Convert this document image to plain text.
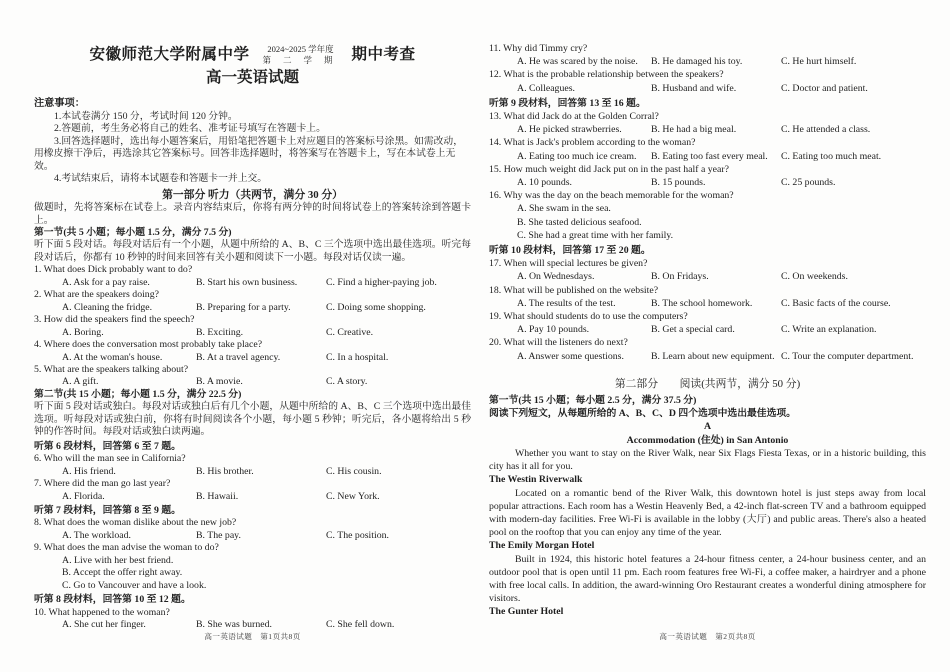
安徽师范大学附属中学	2024~2025 学年度
第二学期 期中考查
高一英语试题
注意事项：
1.本试卷满分 150 分，考试时间 120 分钟。
2.答题前，考生务必将自己的姓名、准考证号填写在答题卡上。
3.回答选择题时，选出每小题答案后，用铅笔把答题卡上对应题目的答案标号涂黑。如需改动，用橡皮擦干净后，再选涂其它答案标号。回答非选择题时，将答案写在答题卡上，写在本试卷上无效。
4.考试结束后，请将本试题卷和答题卡一并上交。
第一部分 听力（共两节，满分 30 分）
做题时，先将答案标在试卷上。录音内容结束后，你将有两分钟的时间将试卷上的答案转涂到答题卡上。
第一节(共 5 小题；每小题 1.5 分，满分 7.5 分)
听下面 5 段对话。每段对话后有一个小题，从题中所给的 A、B、C 三个选项中选出最佳选项。听完每段对话后，你都有 10 秒钟的时间来回答有关小题和阅读下一小题。每段对话仅读一遍。
1. What does Dick probably want to do?
A. Ask for a pay raise.	B. Start his own business.	C. Find a higher-paying job.
2. What are the speakers doing?
A. Cleaning the fridge.	B. Preparing for a party.	C. Doing some shopping.
3. How did the speakers find the speech?
A. Boring.	B. Exciting.	C. Creative.
4. Where does the conversation most probably take place?
A. At the woman's house.	B. At a travel agency.	C. In a hospital.
5. What are the speakers talking about?
A. A gift.	B. A movie.	C. A story.
第二节(共 15 小题；每小题 1.5 分，满分 22.5 分)
听下面 5 段对话或独白。每段对话或独白后有几个小题，从题中所给的 A、B、C 三个选项中选出最佳选项。听每段对话或独白前，你将有时间阅读各个小题，每小题 5 秒钟；听完后，各小题将给出 5 秒钟的作答时间。每段对话或独白读两遍。
听第 6 段材料，回答第 6 至 7 题。
6. Who will the man see in California?
A. His friend.	B. His brother.	C. His cousin.
7. Where did the man go last year?
A. Florida.	B. Hawaii.	C. New York.
听第 7 段材料，回答第 8 至 9 题。
8. What does the woman dislike about the new job?
A. The workload.	B. The pay.	C. The position.
9. What does the man advise the woman to do?
A. Live with her best friend.
B. Accept the offer right away.
C. Go to Vancouver and have a look.
听第 8 段材料，回答第 10 至 12 题。
10. What happened to the woman?
A. She cut her finger.	B. She was burned.	C. She fell down.
高一英语试题　第1页共8页
11. Why did Timmy cry?
A. He was scared by the noise.	B. He damaged his toy.	C. He hurt himself.
12. What is the probable relationship between the speakers?
A. Colleagues.	B. Husband and wife.	C. Doctor and patient.
听第 9 段材料，回答第 13 至 16 题。
13. What did Jack do at the Golden Corral?
A. He picked strawberries.	B. He had a big meal.	C. He attended a class.
14. What is Jack's problem according to the woman?
A. Eating too much ice cream.	B. Eating too fast every meal.	C. Eating too much meat.
15. How much weight did Jack put on in the past half a year?
A. 10 pounds.	B. 15 pounds.	C. 25 pounds.
16. Why was the day on the beach memorable for the woman?
A. She swam in the sea.
B. She tasted delicious seafood.
C. She had a great time with her family.
听第 10 段材料，回答第 17 至 20 题。
17. When will special lectures be given?
A. On Wednesdays.	B. On Fridays.	C. On weekends.
18. What will be published on the website?
A. The results of the test.	B. The school homework.	C. Basic facts of the course.
19. What should students do to use the computers?
A. Pay 10 pounds.	B. Get a special card.	C. Write an explanation.
20. What will the listeners do next?
A. Answer some questions.	B. Learn about new equipment. C. Tour the computer department.
第二部分　　阅读(共两节，满分 50 分)
第一节(共 15 小题；每小题 2.5 分，满分 37.5 分)
阅读下列短文，从每题所给的 A、B、C、D 四个选项中选出最佳选项。
A
Accommodation (住处) in San Antonio
Whether you want to stay on the River Walk, near Six Flags Fiesta Texas, or in a historic building, this city has it all for you.
The Westin Riverwalk
Located on a romantic bend of the River Walk, this downtown hotel is just steps away from local popular attractions. Each room has a Westin Heavenly Bed, a 42-inch flat-screen TV and a bathroom equipped with modern-day facilities. Free Wi-Fi is available in the lobby (大厅) and public areas. There's also a heated pool on the rooftop that you can enjoy any time of the year.
The Emily Morgan Hotel
Built in 1924, this historic hotel features a 24-hour fitness center, a 24-hour business center, and an outdoor pool that is open until 11 pm. Each room features free Wi-Fi, a coffee maker, a hairdryer and a phone with free local calls. In addition, the award-winning Oro Restaurant creates a wonderful dining atmosphere for visitors.
The Gunter Hotel
高一英语试题　第2页共8页
